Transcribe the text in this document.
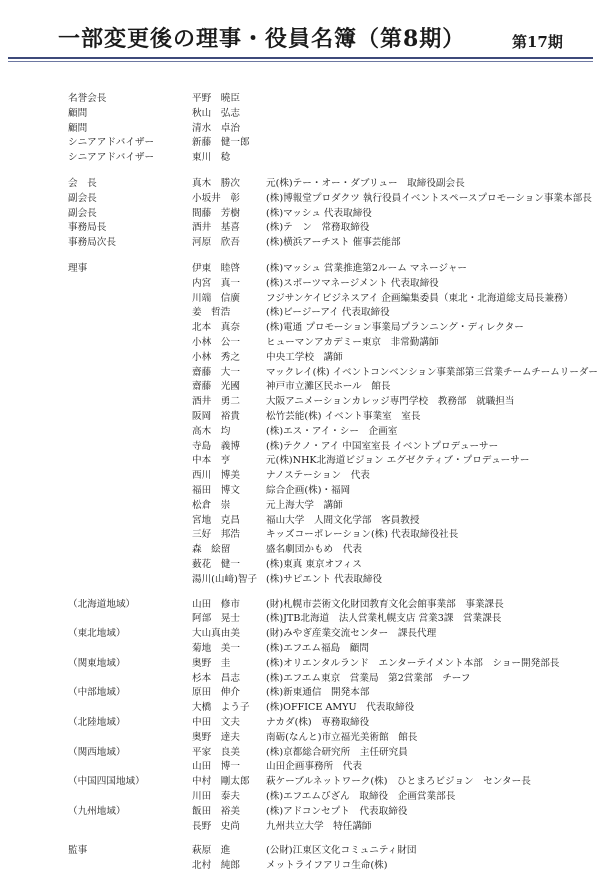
一部変更後の理事・役員名簿（第8期）	第17期
名誉会長	平野　曉臣
顧問	秋山　弘志
顧問	清水　卓治
シニアアドバイザー	新藤　健一郎
シニアアドバイザー	東川　稔
会　長	真木　勝次	元(株)テー・オー・ダブリュー　取締役副会長
副会長	小坂井　彰	(株)博報堂プロダクツ 執行役員イベントスペースプロモーション事業本部長
副会長	間藤　芳樹	(株)マッシュ 代表取締役
事務局長	酒井　基喜	(株)テ　ン　常務取締役
事務局次長	河原　欣吾	(株)横浜アーチスト 催事芸能部
理事	伊東　睦啓	(株)マッシュ 営業推進第2ルーム マネージャー
内宮　真一	(株)スポーツマネージメント 代表取締役
川端　信廣	フジサンケイビジネスアイ 企画編集委員（東北・北海道総支局長兼務）
姜　哲浩	(株)ビージーアイ 代表取締役
北本　真奈	(株)電通 プロモーション事業局プランニング・ディレクター
小林　公一	ヒューマンアカデミー東京　非常勤講師
小林　秀之	中央工学校　講師
齋藤　大一	マックレイ(株) イベントコンベンション事業部第三営業チームチームリーダー
齋藤　光國	神戸市立灘区民ホール　館長
酒井　勇二	大阪アニメーションカレッジ専門学校　教務部　就職担当
阪岡　裕貴	松竹芸能(株) イベント事業室　室長
高木　均	(株)エス・アイ・シー　企画室
寺島　義博	(株)テクノ・アイ 中国室室長 イベントプロデューサー
中本　亨	元(株)NHK北海道ビジョン エグゼクティブ・プロデューサー
西川　博美	ナノステーション　代表
福田　博文	綜合企画(株)・福岡
松倉　崇	元上海大学　講師
宮地　克昌	福山大学　人間文化学部　客員教授
三好　邦浩	キッズコーポレーション(株) 代表取締役社長
森　絵留	盛名劇団かもめ　代表
薮花　健一	(株)東真 東京オフィス
湯川(山﨑)智子 (株)サピエント 代表取締役
（北海道地域）	山田　修市	(財)札幌市芸術文化財団教育文化会館事業部　事業課長
阿部　晃士	(株)JTB北海道　法人営業札幌支店 営業3課　営業課長
（東北地域）	大山真由美	(財)みやぎ産業交流センター　課長代理
菊地　美一	(株)エフエム福島　顧問
（関東地域）	奥野　圭	(株)オリエンタルランド　エンターテイメント本部　ショー開発部長
杉本　昌志	(株)エフエム東京　営業局　第2営業部　チーフ
（中部地域）	原田　伸介	(株)新東通信　開発本部
大橋　よう子 (株)OFFICE AMYU　代表取締役
（北陸地域）	中田　文夫	ナカダ(株)　専務取締役
奥野　達夫	南砺(なんと)市立福光美術館　館長
（関西地域）	平家　良美	(株)京都総合研究所　主任研究員
山田　博一	山田企画事務所　代表
（中国四国地域）	中村　剛太郎 萩ケーブルネットワーク(株)　ひとまろビジョン　センター長
川田　泰夫	(株)エフエムびざん　取締役　企画営業部長
（九州地域）	飯田　裕美	(株)アドコンセプト　代表取締役
長野　史尚	九州共立大学　特任講師
監事	萩原　進	(公財)江東区文化コミュニティ財団
北村　純郎	メットライフアリコ生命(株)
